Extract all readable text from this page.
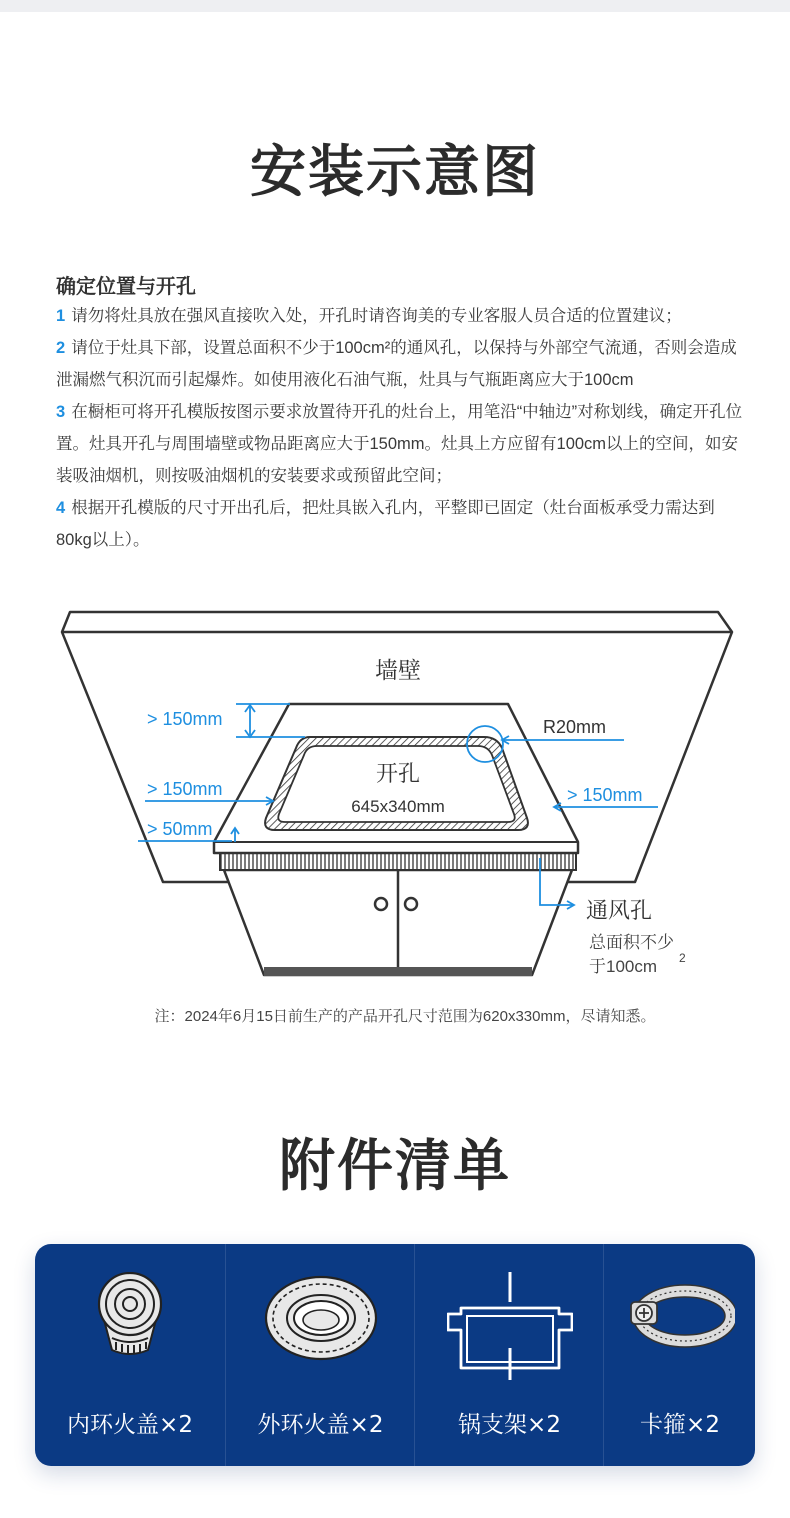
安装示意图
确定位置与开孔

1 请勿将灶具放在强风直接吹入处，开孔时请咨询美的专业客服人员合适的位置建议；

2 请位于灶具下部，设置总面积不少于100cm²的通风孔，以保持与外部空气流通，否则会造成泄漏燃气积沉而引起爆炸。如使用液化石油气瓶，灶具与气瓶距离应大于100cm

3 在橱柜可将开孔模版按图示要求放置待开孔的灶台上，用笔沿“中轴边”对称划线，确定开孔位置。灶具开孔与周围墙壁或物品距离应大于150mm。灶具上方应留有100cm以上的空间，如安装吸油烟机，则按吸油烟机的安装要求或预留此空间；

4 根据开孔模版的尺寸开出孔后，把灶具嵌入孔内，平整即已固定（灶台面板承受力需达到80kg以上）。

墙壁
开孔
645x340mm
> 150mm
> 150mm
> 50mm
> 150mm
R20mm
通风孔
总面积不少
于100cm 2
注：2024年6月15日前生产的产品开孔尺寸范围为620x330mm，尽请知悉。
附件清单
内环火盖×2	外环火盖×2	锅支架×2	卡箍×2
